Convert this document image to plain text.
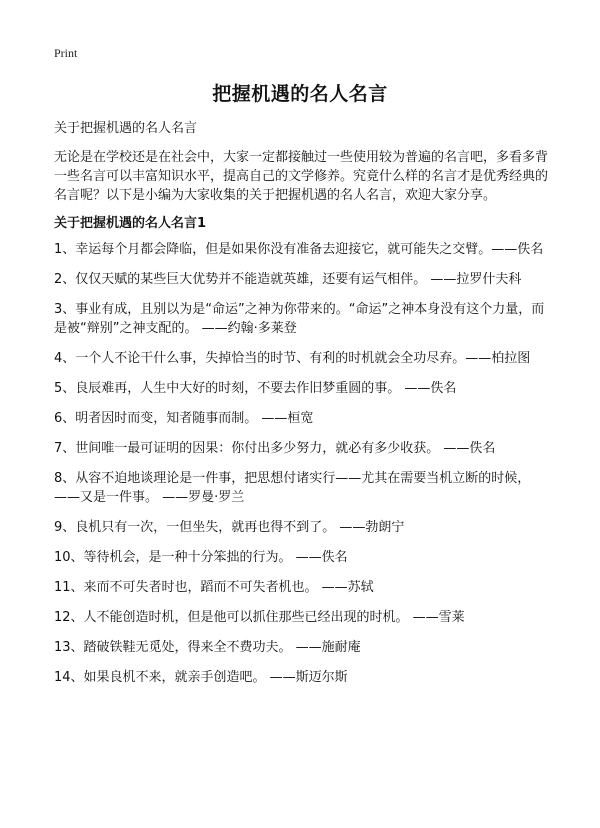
Print
把握机遇的名人名言

关于把握机遇的名人名言

无论是在学校还是在社会中，大家一定都接触过一些使用较为普遍的名言吧，多看多背一些名言可以丰富知识水平，提高自己的文学修养。究竟什么样的名言才是优秀经典的名言呢？以下是小编为大家收集的关于把握机遇的名人名言，欢迎大家分享。

关于把握机遇的名人名言1
1、幸运每个月都会降临，但是如果你没有准备去迎接它，就可能失之交臂。——佚名
2、仅仅天赋的某些巨大优势并不能造就英雄，还要有运气相伴。 ——拉罗什夫科
3、事业有成，且别以为是“命运”之神为你带来的。“命运”之神本身没有这个力量，而是被“辩别”之神支配的。 ——约翰·多莱登
4、一个人不论干什么事，失掉恰当的时节、有利的时机就会全功尽弃。——柏拉图
5、良辰难再，人生中大好的时刻，不要去作旧梦重圆的事。 ——佚名
6、明者因时而变，知者随事而制。 ——桓宽
7、世间唯一最可证明的因果：你付出多少努力，就必有多少收获。 ——佚名
8、从容不迫地谈理论是一件事，把思想付诸实行——尤其在需要当机立断的时候，——又是一件事。 ——罗曼·罗兰
9、良机只有一次，一但坐失，就再也得不到了。 ——勃朗宁
10、等待机会，是一种十分笨拙的行为。 ——佚名
11、来而不可失者时也，蹈而不可失者机也。 ——苏轼
12、人不能创造时机，但是他可以抓住那些已经出现的时机。 ——雪莱
13、踏破铁鞋无觅处，得来全不费功夫。 ——施耐庵
14、如果良机不来，就亲手创造吧。 ——斯迈尔斯
